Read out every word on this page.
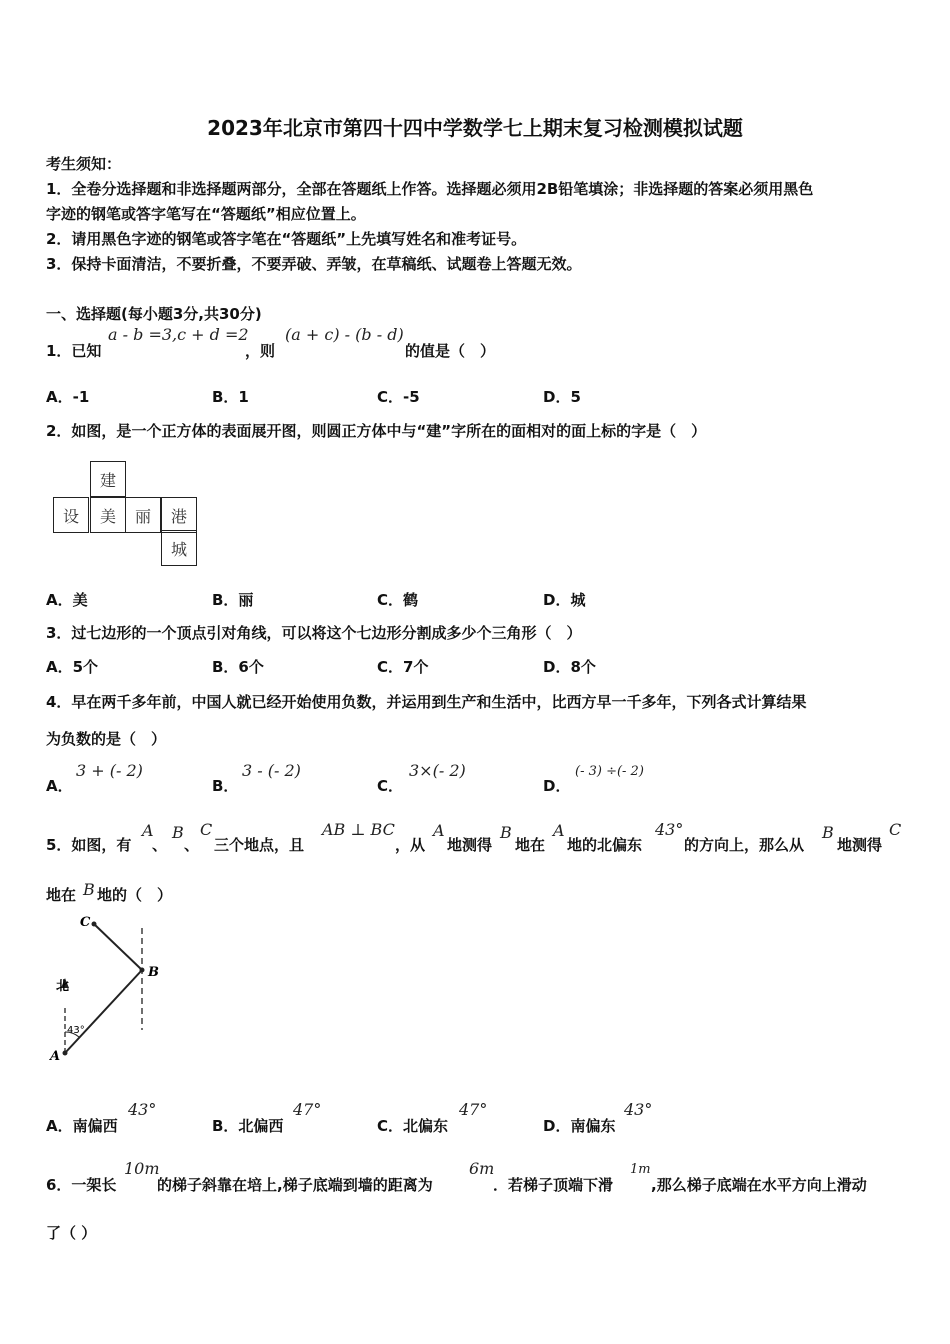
2023年北京市第四十四中学数学七上期末复习检测模拟试题
考生须知：
1．全卷分选择题和非选择题两部分，全部在答题纸上作答。选择题必须用2B铅笔填涂；非选择题的答案必须用黑色
字迹的钢笔或答字笔写在“答题纸”相应位置上。
2．请用黑色字迹的钢笔或答字笔在“答题纸”上先填写姓名和准考证号。
3．保持卡面清洁，不要折叠，不要弄破、弄皱，在草稿纸、试题卷上答题无效。
一、选择题(每小题3分,共30分)
1．已知
a - b =3,c + d =2
，则
(a + c) - (b - d)
的值是（　）
A．-1	B．1	C．-5	D．5
2．如图，是一个正方体的表面展开图，则圆正方体中与“建”字所在的面相对的面上标的字是（　）
建
设	美	丽	港
城
A．美	B．丽	C．鹤	D．城
3．过七边形的一个顶点引对角线，可以将这个七边形分割成多少个三角形（　）
A．5个	B．6个	C．7个	D．8个
4．早在两千多年前，中国人就已经开始使用负数，并运用到生产和生活中，比西方早一千多年，下列各式计算结果
为负数的是（　）
A．
3 + (- 2)
B．
3 - (- 2)
C．
3×(- 2)
D．
(- 3) ÷(- 2)
5．如图，有
A
、
B
、
C
三个地点，且
AB ⊥ BC
，从
A
地测得
B
地在
A
地的北偏东
43°
的方向上，那么从
B
地测得
C
地在 B 地的（　）
C
B
A
北
43°
A．南偏西
43°
B．北偏西
47°
C．北偏东
47°
D．南偏东
43°
6．一架长
10m
的梯子斜靠在培上,梯子底端到墙的距离为
6m
．若梯子顶端下滑
1m
,那么梯子底端在水平方向上滑动
了（ ）
